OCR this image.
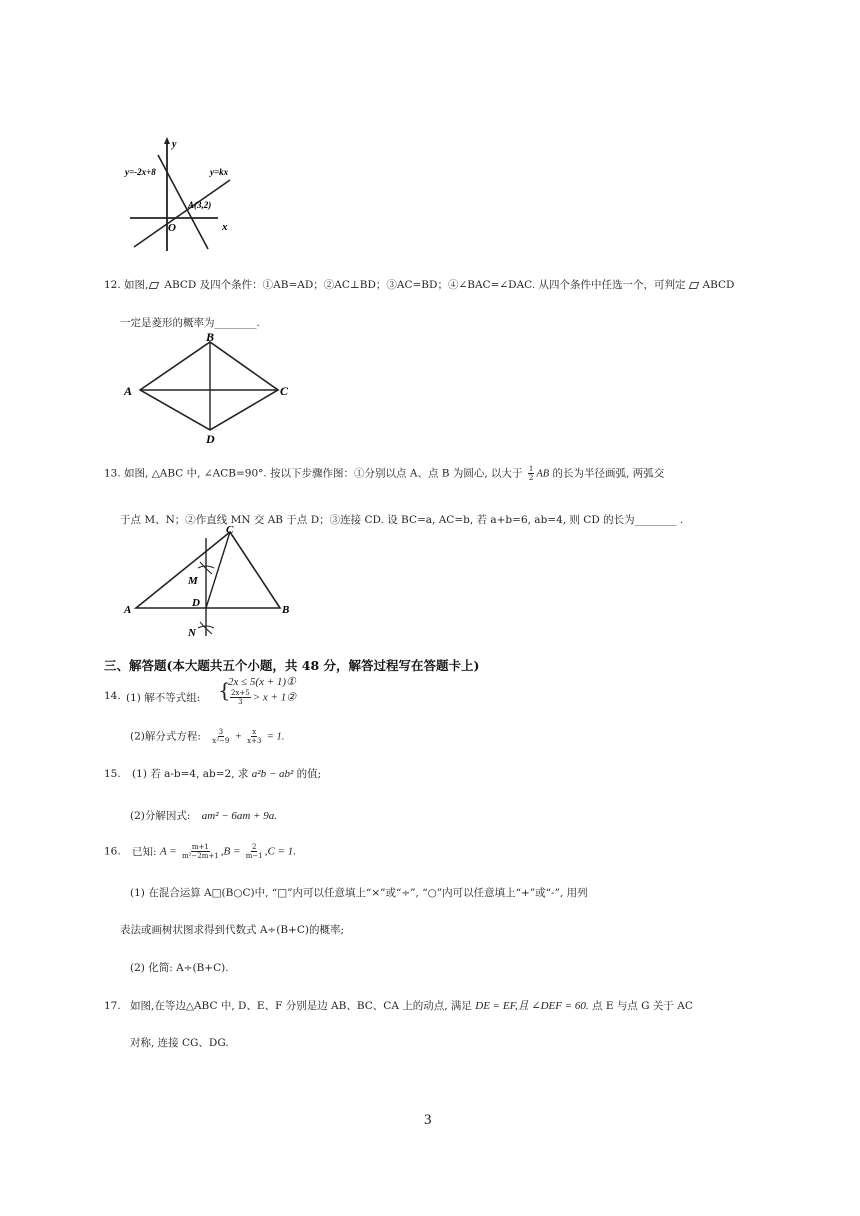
y=-2x+8	y=kx
A(3,2)
y
x
O
12. 如图, ABCD 及四个条件：①AB=AD；②AC⊥BD；③AC=BD；④∠BAC=∠DAC. 从四个条件中任选一个，可判定 ABCD
一定是菱形的概率为________.
A
B
C
D
13. 如图, △ABC 中, ∠ACB=90°. 按以下步骤作图：①分别以点 A、点 B 为圆心, 以大于 $\frac{1}{2}$ AB 的长为半径画弧, 两弧交
于点 M、N；②作直线 MN 交 AB 于点 D；③连接 CD. 设 BC=a, AC=b, 若 a+b=6, ab=4, 则 CD 的长为________ .
C
M
D
A	B
N
三、解答题(本大题共五个小题，共 48 分，解答过程写在答题卡上)
14. (1) 解不等式组: {
2x ≤ 5(x + 1)①
$\frac{2x+5}{3} > x$ + 1②
(2)解分式方程: $\frac{3}{\text{x²−9}} + \frac{x}{x+3} = 1$.
15. (1) 若 a-b=4, ab=2, 求 a²b − ab² 的值;
(2)分解因式: am² − 6am + 9a.
16. 已知: $A = \frac{m+1}{\text{m²−2m+1}} ,B = \frac{2}{m-1} ,C = 1$.
(1) 在混合运算 A□(B○C)中, “□”内可以任意填上“×”或“÷”, “○”内可以任意填上“+”或“-”, 用列
表法或画树状图求得到代数式 A÷(B+C)的概率;
(2) 化简: A÷(B+C).
17. 如图,在等边△ABC 中, D、E、F 分别是边 AB、BC、CA 上的动点, 满足 DE = EF,且 ∠DEF = 60. 点 E 与点 G 关于 AC
对称, 连接 CG、DG.
3
